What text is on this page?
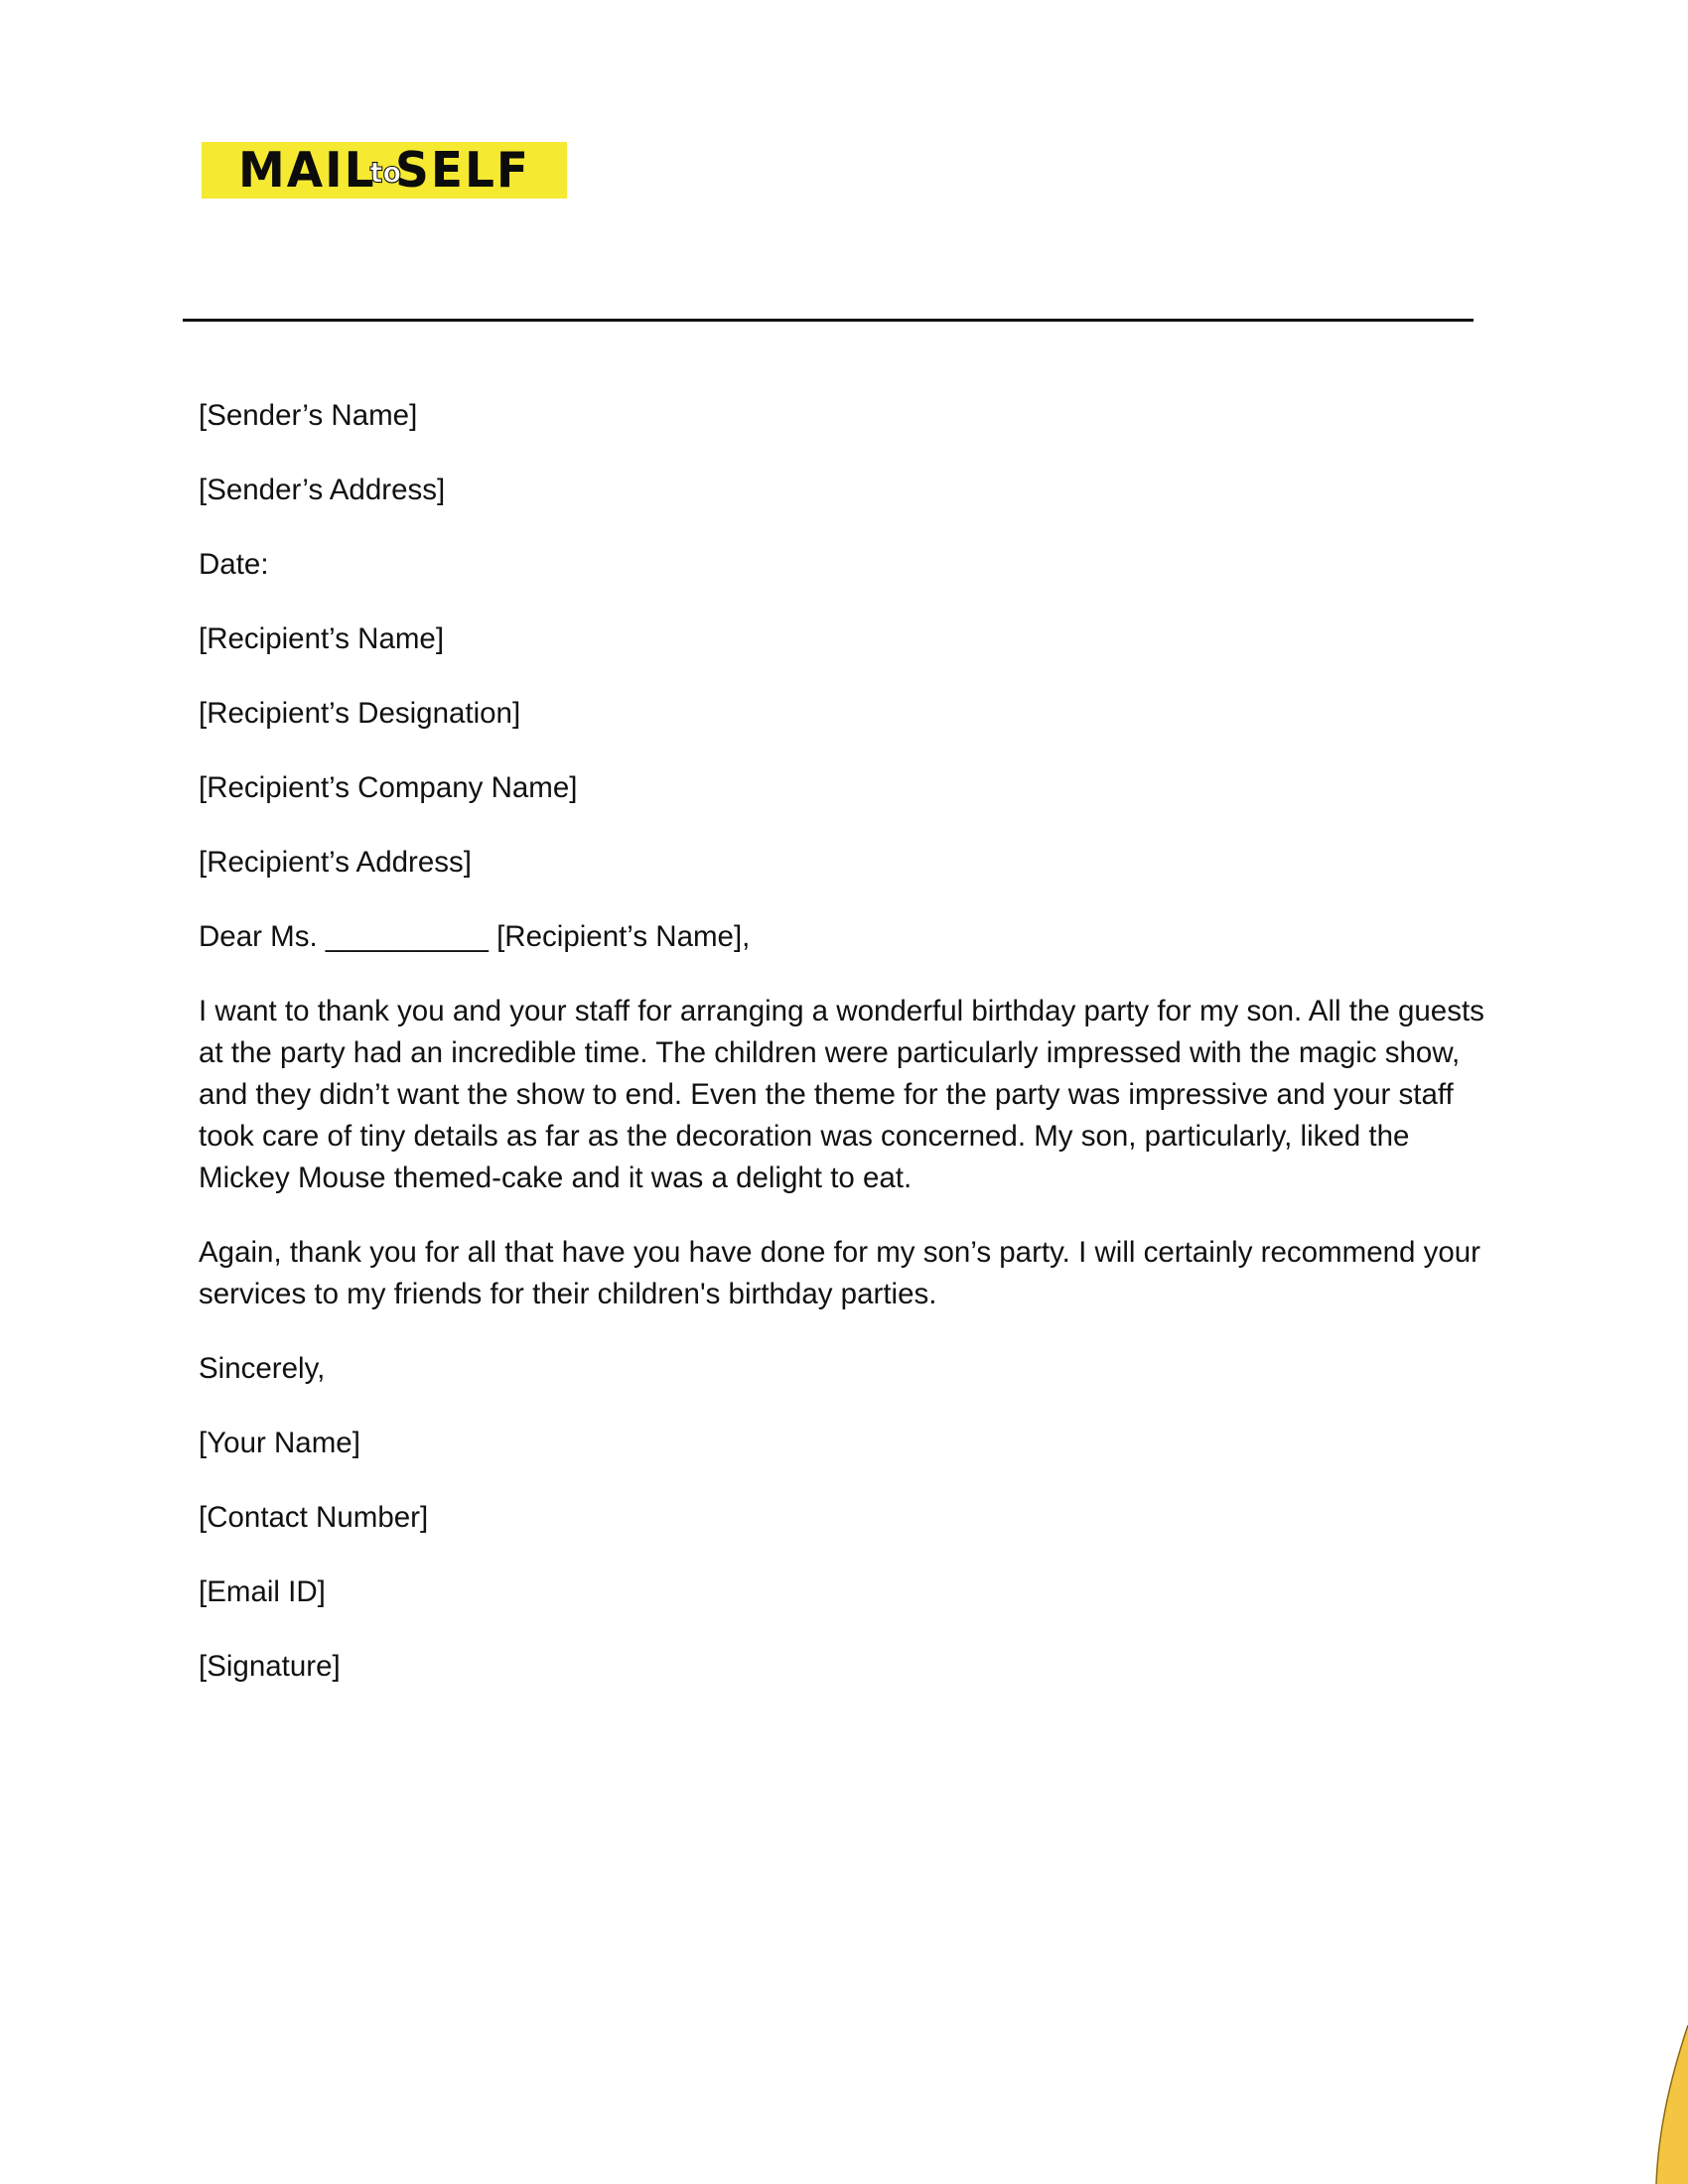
MAILtoSELF

[Sender’s Name]

[Sender’s Address]

Date:

[Recipient’s Name]

[Recipient’s Designation]

[Recipient’s Company Name]

[Recipient’s Address]

Dear Ms. __________ [Recipient’s Name],

I want to thank you and your staff for arranging a wonderful birthday party for my son. All the guests at the party had an incredible time. The children were particularly impressed with the magic show, and they didn’t want the show to end. Even the theme for the party was impressive and your staff took care of tiny details as far as the decoration was concerned. My son, particularly, liked the Mickey Mouse themed-cake and it was a delight to eat.

Again, thank you for all that have you have done for my son’s party. I will certainly recommend your services to my friends for their children's birthday parties.

Sincerely,

[Your Name]

[Contact Number]

[Email ID]

[Signature]
